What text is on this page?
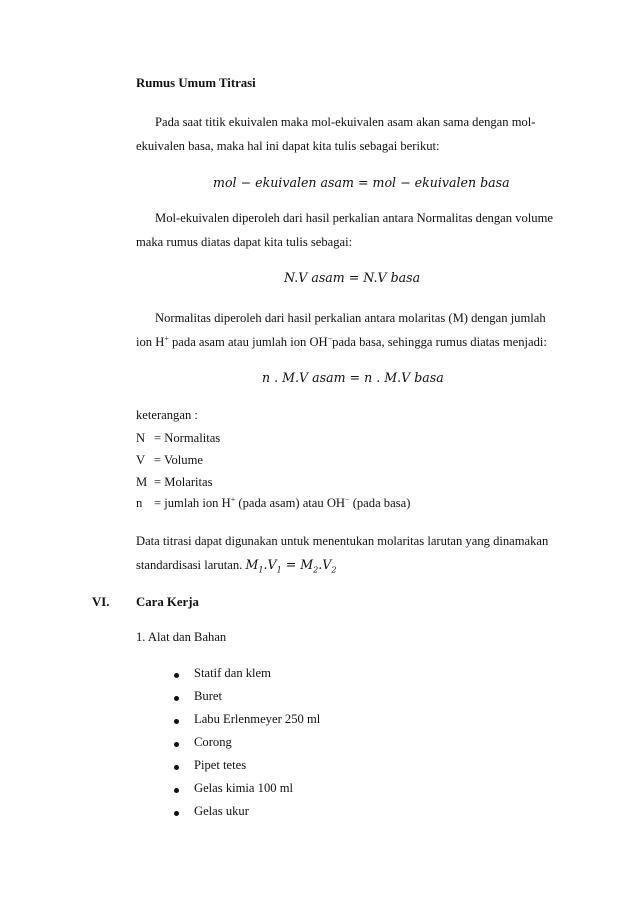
Rumus Umum Titrasi
Pada saat titik ekuivalen maka mol-ekuivalen asam akan sama dengan mol-
ekuivalen basa, maka hal ini dapat kita tulis sebagai berikut:
mol − ekuivalen asam = mol − ekuivalen basa
Mol-ekuivalen diperoleh dari hasil perkalian antara Normalitas dengan volume
maka rumus diatas dapat kita tulis sebagai:
N.V asam = N.V basa
Normalitas diperoleh dari hasil perkalian antara molaritas (M) dengan jumlah
ion H+ pada asam atau jumlah ion OH−pada basa, sehingga rumus diatas menjadi:
n . M.V asam = n . M.V basa
keterangan :
N = Normalitas
V = Volume
M = Molaritas
n = jumlah ion H+ (pada asam) atau OH− (pada basa)
Data titrasi dapat digunakan untuk menentukan molaritas larutan yang dinamakan
standardisasi larutan. $M_1.V_1 = M_2.V_2$
VI. Cara Kerja
1. Alat dan Bahan
Statif dan klem
Buret
Labu Erlenmeyer 250 ml
Corong
Pipet tetes
Gelas kimia 100 ml
Gelas ukur
